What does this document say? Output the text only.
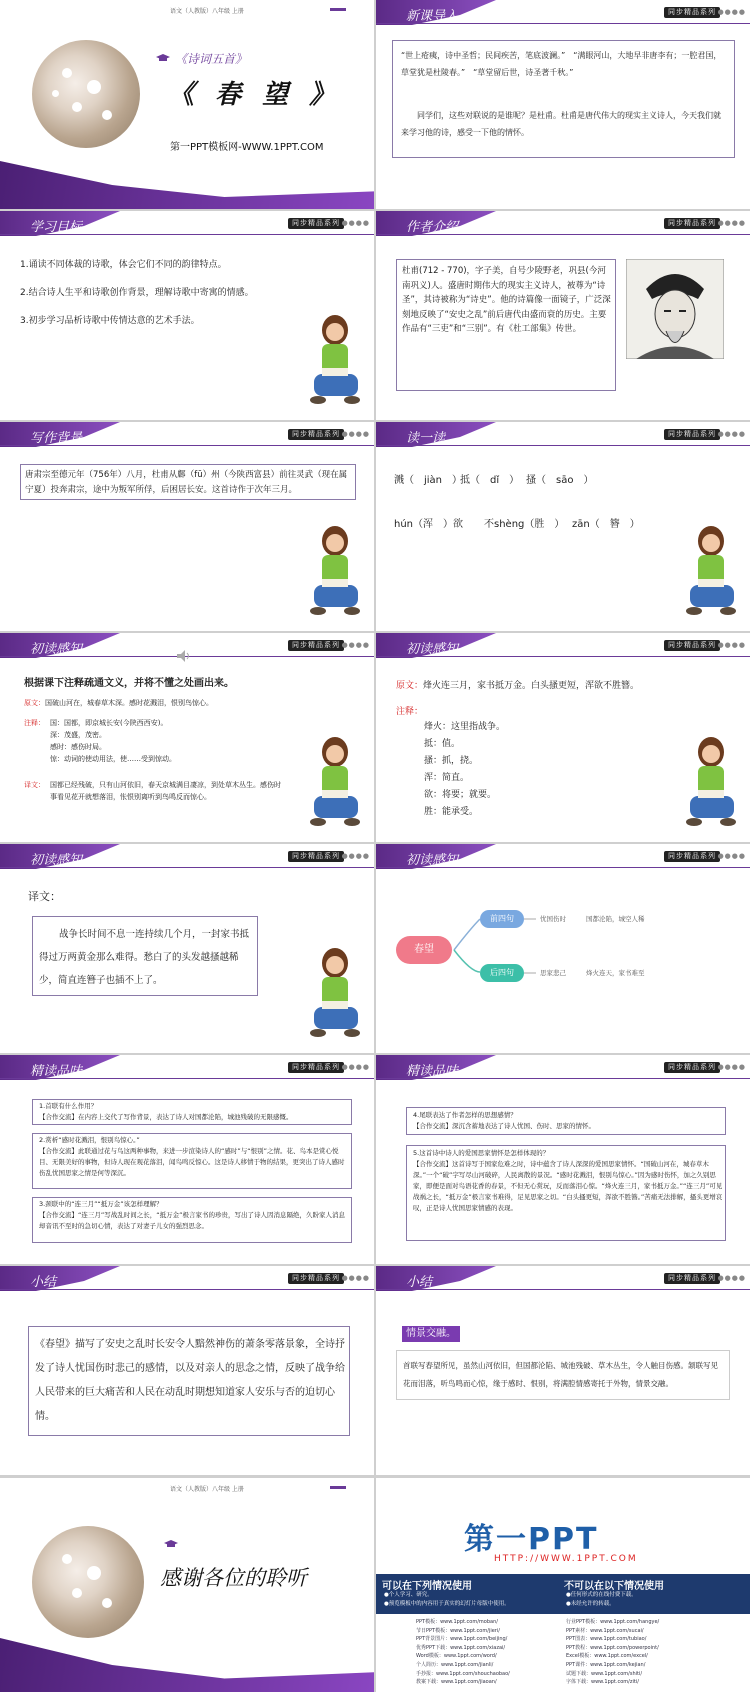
语文（人教版）八年级 上册
《诗词五首》
《 春 望 》
第一PPT模板网-WWW.1PPT.COM
新课导入	同步精品系列 ●●●●
“世上疮痍，诗中圣哲；民间疾苦，笔底波澜。”　“满眼河山，大地早非唐李有；一腔君国，草堂犹是杜陵春。”　“草堂留后世，诗圣著千秋。”
同学们，这些对联说的是谁呢？是杜甫。杜甫是唐代伟大的现实主义诗人，今天我们就来学习他的诗，感受一下他的情怀。
学习目标	同步精品系列 ●●●●
1.诵读不同体裁的诗歌，体会它们不同的韵律特点。
2.结合诗人生平和诗歌创作背景，理解诗歌中寄寓的情感。
3.初步学习品析诗歌中传情达意的艺术手法。
作者介绍	同步精品系列 ●●●●
杜甫(712 - 770)，字子美，自号少陵野老，巩县(今河南巩义)人。盛唐时期伟大的现实主义诗人，被尊为“诗圣”，其诗被称为“诗史”。他的诗篇像一面镜子，广泛深刻地反映了“安史之乱”前后唐代由盛而衰的历史。主要作品有“三吏”和“三别”。有《杜工部集》传世。
写作背景	同步精品系列 ●●●●
唐肃宗至德元年（756年）八月，杜甫从鄜（fū）州（今陕西富县）前往灵武（现在属宁夏）投奔肃宗，途中为叛军所俘，后困居长安。这首诗作于次年三月。
读一读	同步精品系列 ●●●●
溅（　jiàn　）
抵（　dǐ　） 搔（　sāo　）
hún（浑　）欲 不shèng（胜　） zān（　簪　）
初读感知	同步精品系列 ●●●●
根据课下注释疏通文义，并将不懂之处画出来。
原文：国破山河在，城春草木深。感时花溅泪，恨别鸟惊心。
注释： 国：国都，即京城长安(今陕西西安)。
深：茂盛，茂密。
感时：感伤时局。
惊：动词的使动用法，使……受到惊动。
译文： 国都已经残破，只有山河依旧，春天京城满目凄凉，到处草木丛生。感伤时事看见花开就想落泪，怅恨别离听到鸟鸣反而惊心。
初读感知	同步精品系列 ●●●●
原文：烽火连三月，家书抵万金。白头搔更短，浑欲不胜簪。
注释：
烽火：这里指战争。
抵：值。
搔：抓，挠。
浑：简直。
欲：将要；就要。
胜：能承受。
初读感知	同步精品系列 ●●●●
译文：
战争长时间不息一连持续几个月，一封家书抵得过万两黄金那么难得。愁白了的头发越搔越稀少，简直连簪子也插不上了。
初读感知	同步精品系列 ●●●●
春望
前四句
后四句
忧国伤时	国都沦陷，城空人稀
思家悲己	烽火连天，家书难至
精读品味	同步精品系列 ●●●●
1.首联有什么作用？
【合作交流】在内容上交代了写作背景，表达了诗人对国都沦陷，城池残破的无限感慨。
2.赏析“感时花溅泪，恨别鸟惊心。”
【合作交流】此联通过花与鸟这两种事物，来进一步渲染诗人的“感时”与“恨别”之情。花、鸟本是赏心悦目、无限美好的事物，但诗人现在观花落泪，闻鸟鸣反惊心。这是诗人移情于物的结果，更突出了诗人感时伤乱忧国思家之情是何等深沉。
3.颈联中的“连三月”“抵万金”该怎样理解？
【合作交流】“连三月”写战乱时间之长，“抵万金”极言家书的珍贵，写出了诗人因消息隔绝，久盼家人消息却音讯不至时的急切心情，表达了对妻子儿女的强烈思念。
精读品味	同步精品系列 ●●●●
4.尾联表达了作者怎样的思想感情？
【合作交流】深沉含蓄地表达了诗人忧国、伤时、思家的情怀。
5.这首诗中诗人的爱国思家情怀是怎样体现的？
【合作交流】这首诗写于国家危难之时，诗中蕴含了诗人深深的爱国思家情怀。“国破山河在，城春草木深。”一个“破”字写尽山河破碎，人民离散的景况。“感时花溅泪，恨别鸟惊心。”因为感时伤怀，加之久别思家，即便是面对鸟语花香的春景，不但无心赏玩，反而落泪心惊。“烽火连三月，家书抵万金。”“连三月”可见战祸之长，“抵万金”极言家书难得，足见思家之切。“白头搔更短，浑欲不胜簪。”苦痛无法排解，搔头更增哀叹，正是诗人忧国思家情感的表现。
小结	同步精品系列 ●●●●
《春望》描写了安史之乱时长安令人黯然神伤的萧条零落景象，全诗抒发了诗人忧国伤时悲己的感情，以及对亲人的思念之情，反映了战争给人民带来的巨大痛苦和人民在动乱时期想知道家人安乐与否的迫切心情。
小结	同步精品系列 ●●●●
情景交融。
首联写春望所见，虽然山河依旧，但国都沦陷、城池残破、草木丛生，令人触目伤感。颔联写见花而泪落，听鸟鸣而心惊，缘于感时、恨别，将满腔情感寄托于外物，情景交融。
语文（人教版）八年级 上册
感谢各位的聆听
第一PPT
HTTP://WWW.1PPT.COM
可以在下列情况使用
●个人学习、研究。
●预览模板中的内容用于真实的幻灯片母版中使用。
不可以在以下情况使用
●任何形式的在线付费下载。
●未经允许的转载。
PPT模板：www.1ppt.com/moban/
节日PPT模板：www.1ppt.com/jieri/
PPT背景图片：www.1ppt.com/beijing/
优秀PPT下载：www.1ppt.com/xiazai/
Word模板：www.1ppt.com/word/
个人简历：www.1ppt.com/jianli/
手抄报：www.1ppt.com/shouchaobao/
教案下载：www.1ppt.com/jiaoan/
行业PPT模板：www.1ppt.com/hangye/
PPT素材：www.1ppt.com/sucai/
PPT图表：www.1ppt.com/tubiao/
PPT教程：www.1ppt.com/powerpoint/
Excel模板：www.1ppt.com/excel/
PPT课件：www.1ppt.com/kejian/
试题下载：www.1ppt.com/shiti/
字体下载：www.1ppt.com/ziti/
